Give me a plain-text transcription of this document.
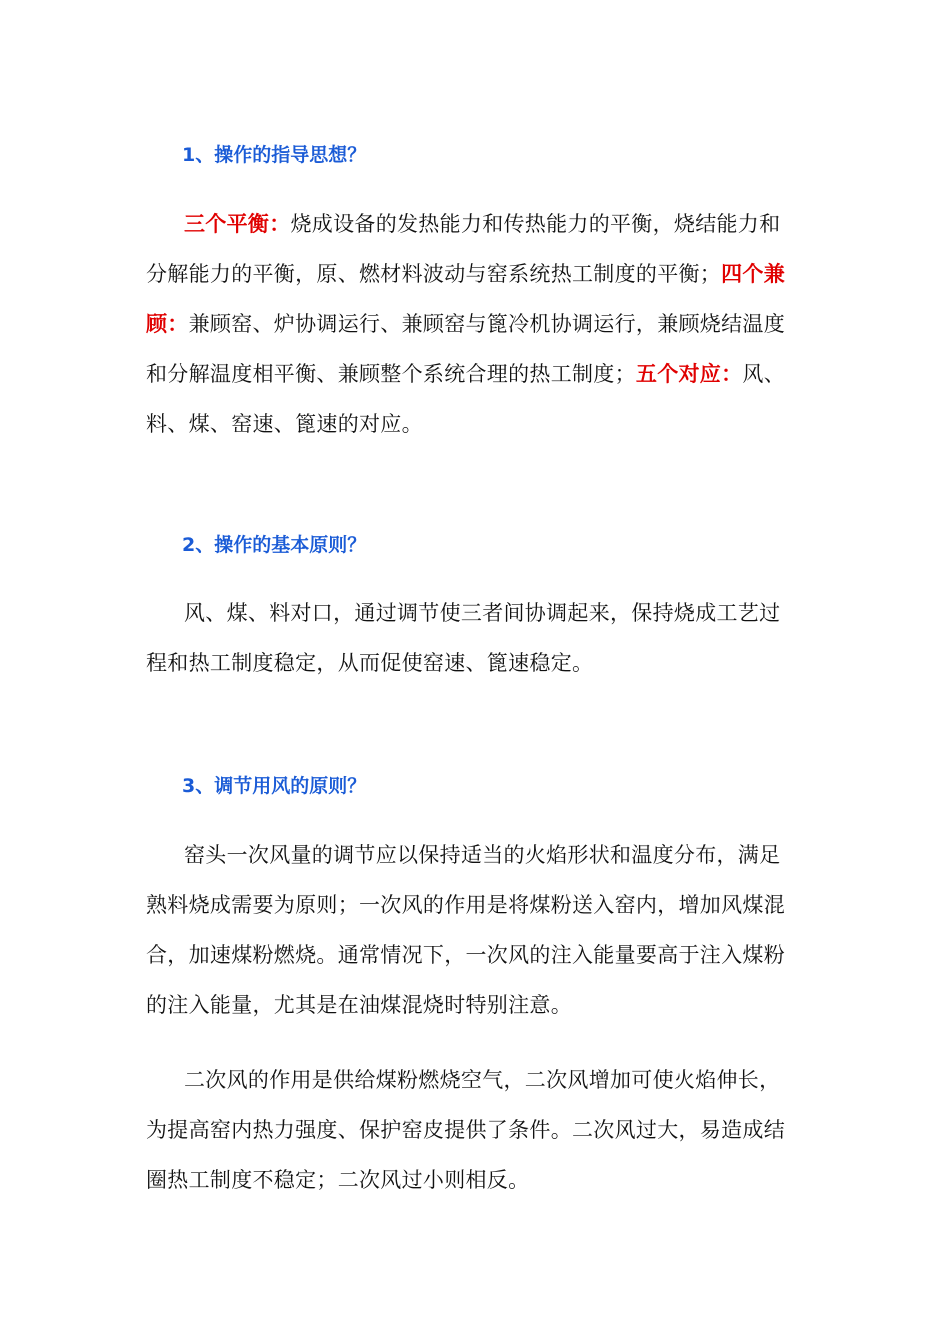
1、操作的指导思想？

三个平衡：烧成设备的发热能力和传热能力的平衡，烧结能力和分解能力的平衡，原、燃材料波动与窑系统热工制度的平衡；四个兼顾：兼顾窑、炉协调运行、兼顾窑与篦冷机协调运行，兼顾烧结温度和分解温度相平衡、兼顾整个系统合理的热工制度；五个对应：风、料、煤、窑速、篦速的对应。

2、操作的基本原则？

风、煤、料对口，通过调节使三者间协调起来，保持烧成工艺过程和热工制度稳定，从而促使窑速、篦速稳定。

3、调节用风的原则？

窑头一次风量的调节应以保持适当的火焰形状和温度分布，满足熟料烧成需要为原则；一次风的作用是将煤粉送入窑内，增加风煤混合，加速煤粉燃烧。通常情况下，一次风的注入能量要高于注入煤粉的注入能量，尤其是在油煤混烧时特别注意。

二次风的作用是供给煤粉燃烧空气，二次风增加可使火焰伸长，为提高窑内热力强度、保护窑皮提供了条件。二次风过大，易造成结圈热工制度不稳定；二次风过小则相反。
